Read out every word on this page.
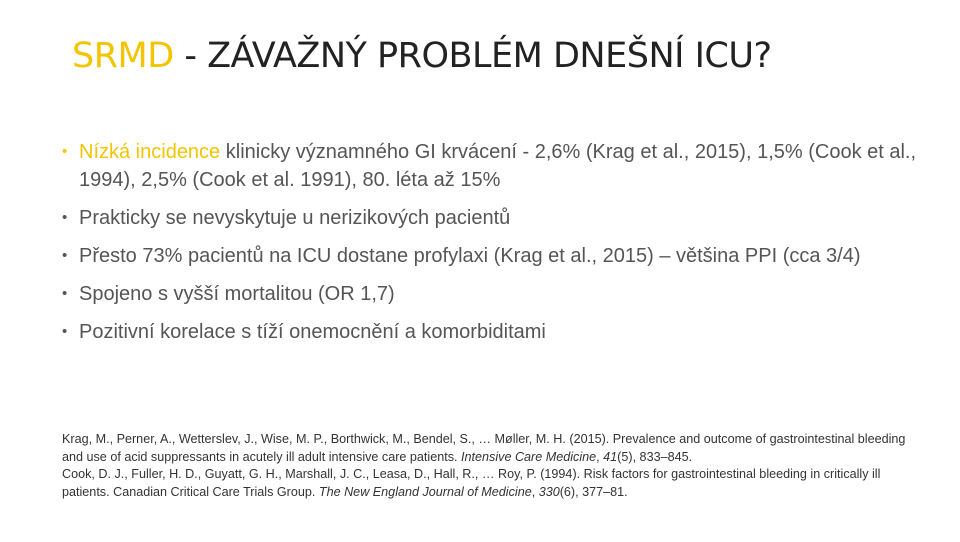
SRMD - ZÁVAŽNÝ PROBLÉM DNEŠNÍ ICU?
• Nízká incidence klinicky významného GI krvácení - 2,6% (Krag et al., 2015), 1,5% (Cook et al., 1994), 2,5% (Cook et al. 1991), 80. léta až 15%
• Prakticky se nevyskytuje u nerizikových pacientů
• Přesto 73% pacientů na ICU dostane profylaxi (Krag et al., 2015) – většina PPI (cca 3/4)
• Spojeno s vyšší mortalitou (OR 1,7)
• Pozitivní korelace s tíží onemocnění a komorbiditami

Krag, M., Perner, A., Wetterslev, J., Wise, M. P., Borthwick, M., Bendel, S., … Møller, M. H. (2015). Prevalence and outcome of gastrointestinal bleeding and use of acid suppressants in acutely ill adult intensive care patients. Intensive Care Medicine, 41(5), 833–845.

Cook, D. J., Fuller, H. D., Guyatt, G. H., Marshall, J. C., Leasa, D., Hall, R., … Roy, P. (1994). Risk factors for gastrointestinal bleeding in critically ill patients. Canadian Critical Care Trials Group. The New England Journal of Medicine, 330(6), 377–81.
